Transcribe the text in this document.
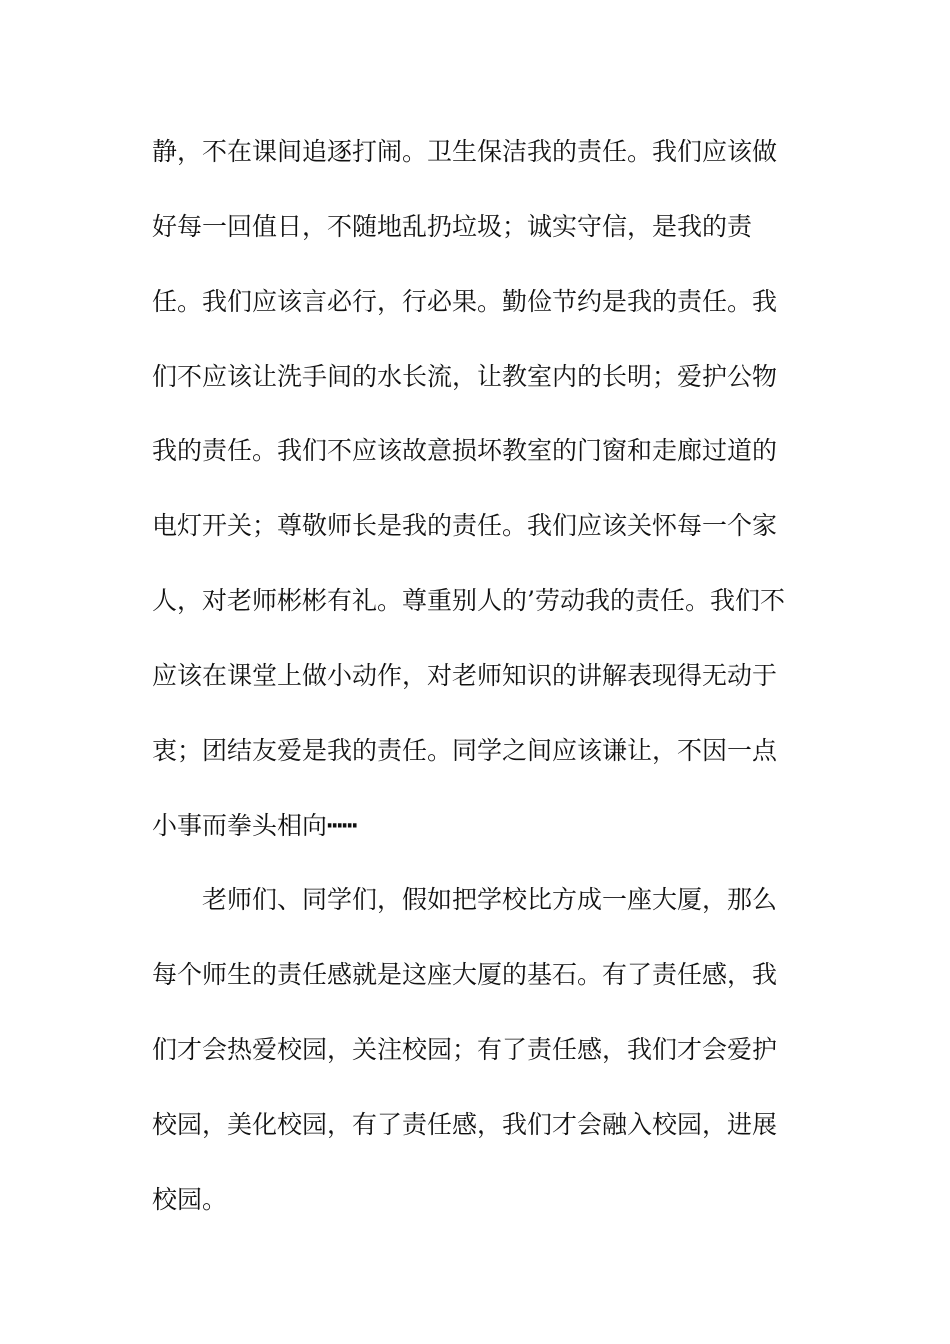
静，不在课间追逐打闹。卫生保洁我的责任。我们应该做
好每一回值日，不随地乱扔垃圾；诚实守信，是我的责
任。我们应该言必行，行必果。勤俭节约是我的责任。我
们不应该让洗手间的水长流，让教室内的长明；爱护公物
我的责任。我们不应该故意损坏教室的门窗和走廊过道的
电灯开关；尊敬师长是我的责任。我们应该关怀每一个家
人，对老师彬彬有礼。尊重别人的’劳动我的责任。我们不
应该在课堂上做小动作，对老师知识的讲解表现得无动于
衷；团结友爱是我的责任。同学之间应该谦让，不因一点
小事而拳头相向┅┅
老师们、同学们，假如把学校比方成一座大厦，那么
每个师生的责任感就是这座大厦的基石。有了责任感，我
们才会热爱校园，关注校园；有了责任感，我们才会爱护
校园，美化校园，有了责任感，我们才会融入校园，进展
校园。
